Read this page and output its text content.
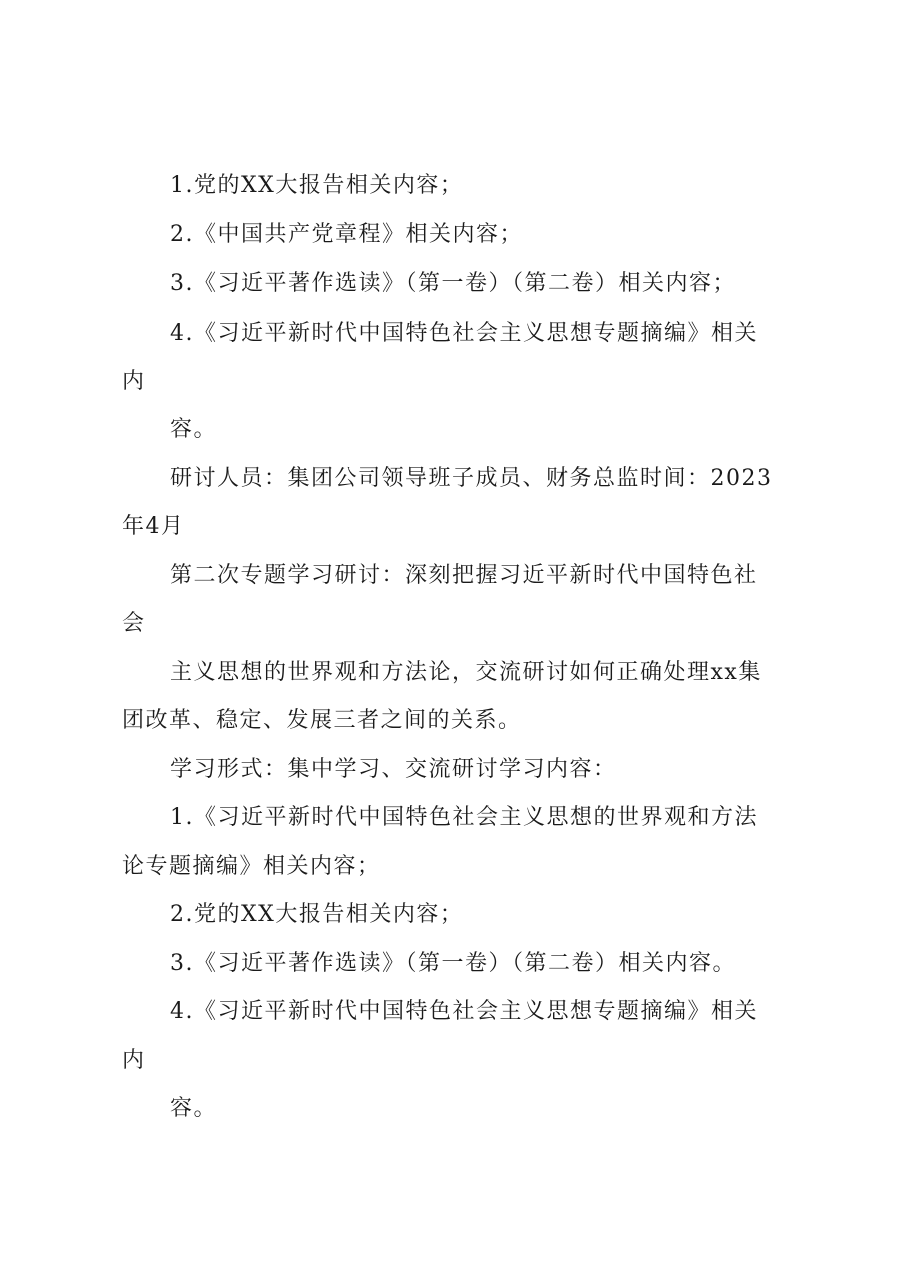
1.党的XX大报告相关内容；
2.《中国共产党章程》相关内容；
3.《习近平著作选读》（第一卷）（第二卷）相关内容；
4.《习近平新时代中国特色社会主义思想专题摘编》相关
内
容。
研讨人员：集团公司领导班子成员、财务总监时间：2023
年4月
第二次专题学习研讨：深刻把握习近平新时代中国特色社
会
主义思想的世界观和方法论，交流研讨如何正确处理xx集
团改革、稳定、发展三者之间的关系。
学习形式：集中学习、交流研讨学习内容：
1.《习近平新时代中国特色社会主义思想的世界观和方法
论专题摘编》相关内容；
2.党的XX大报告相关内容；
3.《习近平著作选读》（第一卷）（第二卷）相关内容。
4.《习近平新时代中国特色社会主义思想专题摘编》相关
内
容。
